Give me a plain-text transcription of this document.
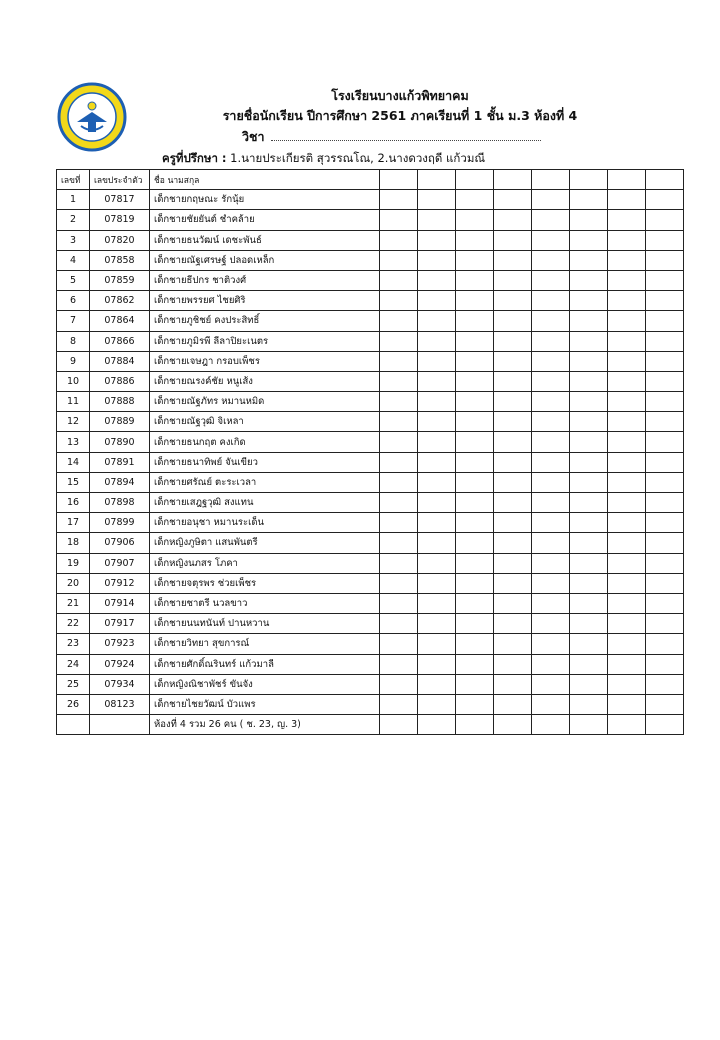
โรงเรียนบางแก้วพิทยาคม
รายชื่อนักเรียน ปีการศึกษา 2561 ภาคเรียนที่ 1 ชั้น ม.3 ห้องที่ 4
วิชา
ครูที่ปรึกษา : 1.นายประเกียรติ สุวรรณโณ, 2.นางดวงฤดี แก้วมณี
เลขที่	เลขประจำตัว	ชื่อ นามสกุล								
1	07817	เด็กชายกฤษณะ รักนุ้ย								
2	07819	เด็กชายชัยยันต์ ชำคล้าย								
3	07820	เด็กชายธนวัฒน์ เดชะพันธ์								
4	07858	เด็กชายณัฐเศรษฐ์ ปลอดเหล็ก								
5	07859	เด็กชายธีปกร ชาติวงศ์								
6	07862	เด็กชายพรรยศ ไชยศิริ								
7	07864	เด็กชายภูชิชย์ คงประสิทธิ์								
8	07866	เด็กชายภูมิรพี ลีลาปิยะเนตร								
9	07884	เด็กชายเจษฎา กรอบเพ็ชร								
10	07886	เด็กชายณรงค์ชัย หนูเส้ง								
11	07888	เด็กชายณัฐภัทร หมานหมิด								
12	07889	เด็กชายณัฐวุฒิ จิเหลา								
13	07890	เด็กชายธนกฤต คงเกิด								
14	07891	เด็กชายธนาทิพย์ จันเขียว								
15	07894	เด็กชายศรัณย์ ตะระเวลา								
16	07898	เด็กชายเสฎฐวุฒิ สงแทน								
17	07899	เด็กชายอนุชา หมานระเด็น								
18	07906	เด็กหญิงภูษิตา แสนพันตรี								
19	07907	เด็กหญิงนภสร โภคา								
20	07912	เด็กชายจตุรพร ช่วยเพ็ชร								
21	07914	เด็กชายชาตรี นวลขาว								
22	07917	เด็กชายนนทนันท์ ปานหวาน								
23	07923	เด็กชายวิทยา สุขการณ์								
24	07924	เด็กชายศักดิ์ณรินทร์ แก้วมาลี								
25	07934	เด็กหญิงณิชาพัชร์ ขันจัง								
26	08123	เด็กชายไชยวัฒน์ บัวแพร								
		ห้องที่ 4 รวม 26 คน ( ช. 23, ญ. 3)								
